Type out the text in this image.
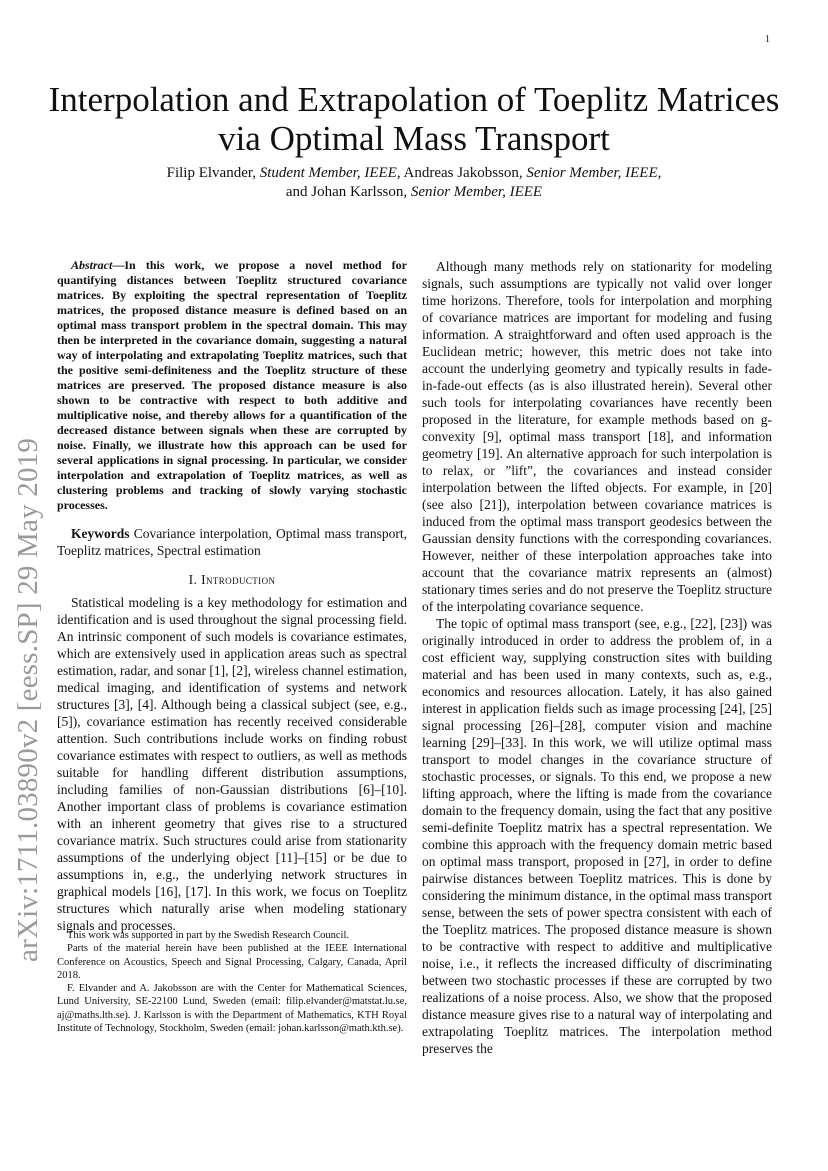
1
arXiv:1711.03890v2 [eess.SP] 29 May 2019
Interpolation and Extrapolation of Toeplitz Matrices
via Optimal Mass Transport
Filip Elvander, Student Member, IEEE, Andreas Jakobsson, Senior Member, IEEE,
and Johan Karlsson, Senior Member, IEEE

Abstract—In this work, we propose a novel method for quantifying distances between Toeplitz structured covariance matrices. By exploiting the spectral representation of Toeplitz matrices, the proposed distance measure is defined based on an optimal mass transport problem in the spectral domain. This may then be interpreted in the covariance domain, suggesting a natural way of interpolating and extrapolating Toeplitz matrices, such that the positive semi-definiteness and the Toeplitz structure of these matrices are preserved. The proposed distance measure is also shown to be contractive with respect to both additive and multiplicative noise, and thereby allows for a quantification of the decreased distance between signals when these are corrupted by noise. Finally, we illustrate how this approach can be used for several applications in signal processing. In particular, we consider interpolation and extrapolation of Toeplitz matrices, as well as clustering problems and tracking of slowly varying stochastic processes.

Keywords Covariance interpolation, Optimal mass transport, Toeplitz matrices, Spectral estimation

I. Introduction

Statistical modeling is a key methodology for estimation and identification and is used throughout the signal processing field. An intrinsic component of such models is covariance estimates, which are extensively used in application areas such as spectral estimation, radar, and sonar [1], [2], wireless channel estimation, medical imaging, and identification of systems and network structures [3], [4]. Although being a classical subject (see, e.g., [5]), covariance estimation has recently received considerable attention. Such contributions include works on finding robust covariance estimates with respect to outliers, as well as methods suitable for handling different distribution assumptions, including families of non-Gaussian distributions [6]–[10]. Another important class of problems is covariance estimation with an inherent geometry that gives rise to a structured covariance matrix. Such structures could arise from stationarity assumptions of the underlying object [11]–[15] or be due to assumptions in, e.g., the underlying network structures in graphical models [16], [17]. In this work, we focus on Toeplitz structures which naturally arise when modeling stationary signals and processes.

This work was supported in part by the Swedish Research Council.

Parts of the material herein have been published at the IEEE International Conference on Acoustics, Speech and Signal Processing, Calgary, Canada, April 2018.

F. Elvander and A. Jakobsson are with the Center for Mathematical Sciences, Lund University, SE-22100 Lund, Sweden (email: filip.elvander@matstat.lu.se, aj@maths.lth.se). J. Karlsson is with the Department of Mathematics, KTH Royal Institute of Technology, Stockholm, Sweden (email: johan.karlsson@math.kth.se).

Although many methods rely on stationarity for modeling signals, such assumptions are typically not valid over longer time horizons. Therefore, tools for interpolation and morphing of covariance matrices are important for modeling and fusing information. A straightforward and often used approach is the Euclidean metric; however, this metric does not take into account the underlying geometry and typically results in fade-in-fade-out effects (as is also illustrated herein). Several other such tools for interpolating covariances have recently been proposed in the literature, for example methods based on g-convexity [9], optimal mass transport [18], and information geometry [19]. An alternative approach for such interpolation is to relax, or ”lift”, the covariances and instead consider interpolation between the lifted objects. For example, in [20] (see also [21]), interpolation between covariance matrices is induced from the optimal mass transport geodesics between the Gaussian density functions with the corresponding covariances. However, neither of these interpolation approaches take into account that the covariance matrix represents an (almost) stationary times series and do not preserve the Toeplitz structure of the interpolating covariance sequence.

The topic of optimal mass transport (see, e.g., [22], [23]) was originally introduced in order to address the problem of, in a cost efficient way, supplying construction sites with building material and has been used in many contexts, such as, e.g., economics and resources allocation. Lately, it has also gained interest in application fields such as image processing [24], [25] signal processing [26]–[28], computer vision and machine learning [29]–[33]. In this work, we will utilize optimal mass transport to model changes in the covariance structure of stochastic processes, or signals. To this end, we propose a new lifting approach, where the lifting is made from the covariance domain to the frequency domain, using the fact that any positive semi-definite Toeplitz matrix has a spectral representation. We combine this approach with the frequency domain metric based on optimal mass transport, proposed in [27], in order to define pairwise distances between Toeplitz matrices. This is done by considering the minimum distance, in the optimal mass transport sense, between the sets of power spectra consistent with each of the Toeplitz matrices. The proposed distance measure is shown to be contractive with respect to additive and multiplicative noise, i.e., it reflects the increased difficulty of discriminating between two stochastic processes if these are corrupted by two realizations of a noise process. Also, we show that the proposed distance measure gives rise to a natural way of interpolating and extrapolating Toeplitz matrices. The interpolation method preserves the
